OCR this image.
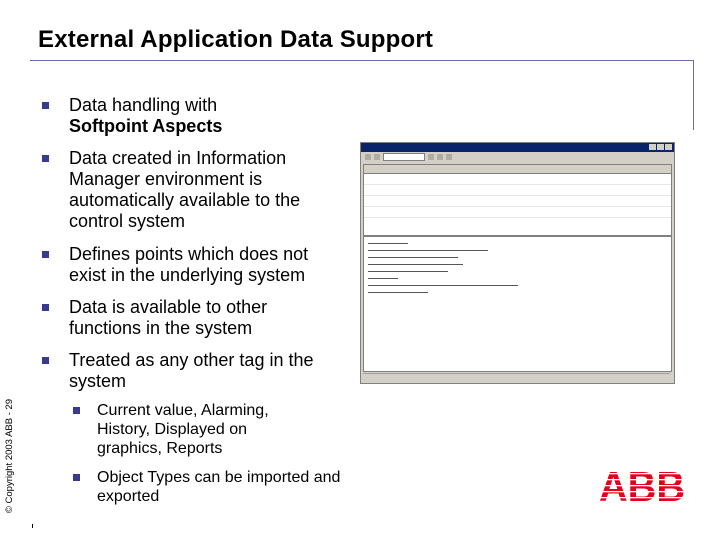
External Application Data Support
Data handling with
Softpoint Aspects
Data created in Information Manager environment is automatically available to the control system
Defines points which does not exist in the underlying system
Data is available to other functions in the system
Treated as any other tag in the system
Current value, Alarming, History, Displayed on graphics, Reports
Object Types can be imported and exported
© Copyright 2003 ABB - 29
